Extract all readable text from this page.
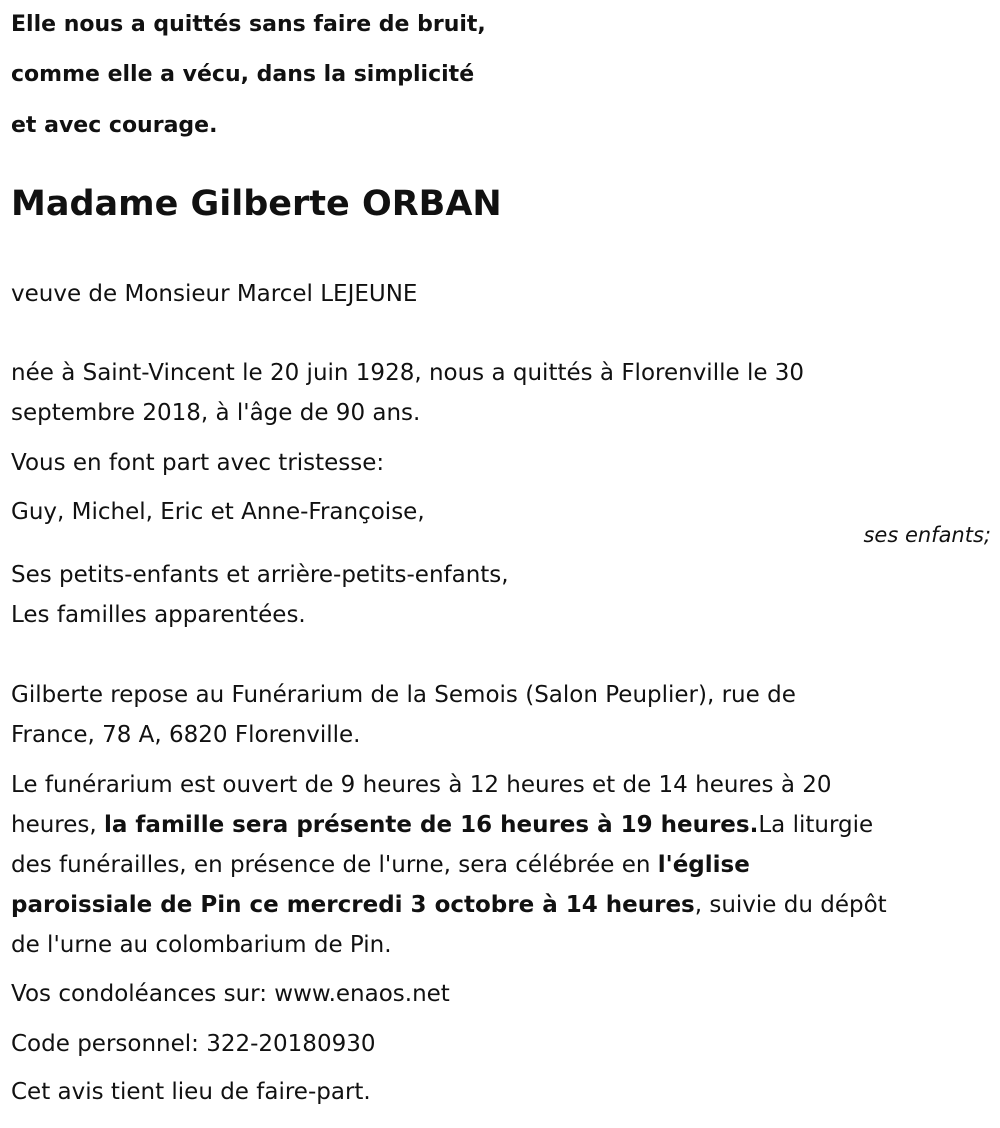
Elle nous a quittés sans faire de bruit,
comme elle a vécu, dans la simplicité
et avec courage.
Madame Gilberte ORBAN
veuve de Monsieur Marcel LEJEUNE
née à Saint-Vincent le 20 juin 1928, nous a quittés à Florenville le 30
septembre 2018, à l'âge de 90 ans.
Vous en font part avec tristesse:
Guy, Michel, Eric et Anne-Françoise,
ses enfants;
Ses petits-enfants et arrière-petits-enfants,
Les familles apparentées.
Gilberte repose au Funérarium de la Semois (Salon Peuplier), rue de
France, 78 A, 6820 Florenville.
Le funérarium est ouvert de 9 heures à 12 heures et de 14 heures à 20
heures, la famille sera présente de 16 heures à 19 heures.La liturgie
des funérailles, en présence de l'urne, sera célébrée en l'église
paroissiale de Pin ce mercredi 3 octobre à 14 heures, suivie du dépôt
de l'urne au colombarium de Pin.
Vos condoléances sur: www.enaos.net
Code personnel: 322-20180930
Cet avis tient lieu de faire-part.
